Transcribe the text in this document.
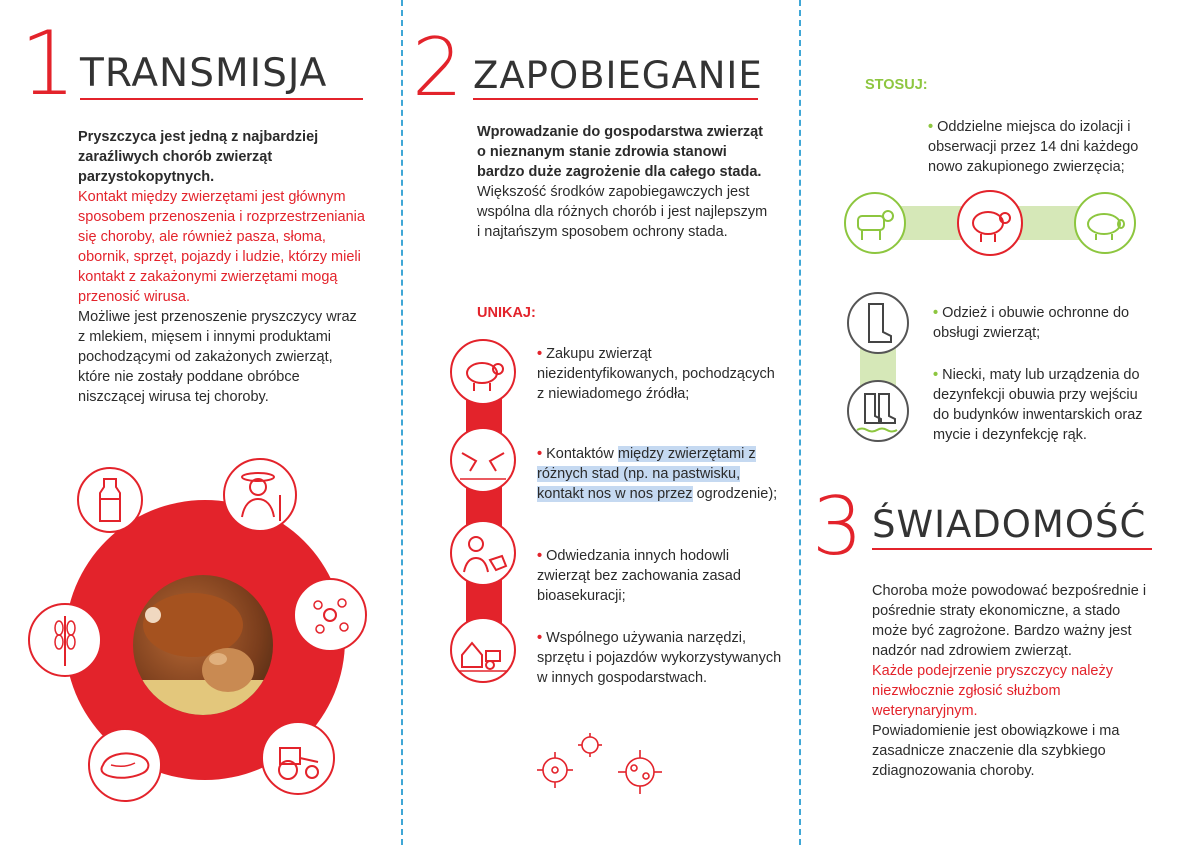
1 TRANSMISJA

Pryszczyca jest jedną z najbardziej zaraźliwych chorób zwierząt parzystokopytnych.

Kontakt między zwierzętami jest głównym sposobem przenoszenia i rozprzestrzeniania się choroby, ale również pasza, słoma, obornik, sprzęt, pojazdy i ludzie, którzy mieli kontakt z zakażonymi zwierzętami mogą przenosić wirusa.

Możliwe jest przenoszenie pryszczycy wraz z mlekiem, mięsem i innymi produktami pochodzącymi od zakażonych zwierząt, które nie zostały poddane obróbce niszczącej wirusa tej choroby.

2 ZAPOBIEGANIE
Wprowadzanie do gospodarstwa zwierząt o nieznanym stanie zdrowia stanowi bardzo duże zagrożenie dla całego stada. Większość środków zapobiegawczych jest wspólna dla różnych chorób i jest najlepszym i najtańszym sposobem ochrony stada.
UNIKAJ:
• Zakupu zwierząt niezidentyfikowanych, pochodzących z niewiadomego źródła;
• Kontaktów między zwierzętami z różnych stad (np. na pastwisku, kontakt nos w nos przez ogrodzenie);
• Odwiedzania innych hodowli zwierząt bez zachowania zasad bioasekuracji;
• Wspólnego używania narzędzi, sprzętu i pojazdów wykorzystywanych w innych gospodarstwach.
STOSUJ:
• Oddzielne miejsca do izolacji i obserwacji przez 14 dni każdego nowo zakupionego zwierzęcia;
• Odzież i obuwie ochronne do obsługi zwierząt;
• Niecki, maty lub urządzenia do dezynfekcji obuwia przy wejściu do budynków inwentarskich oraz mycie i dezynfekcję rąk.
3 ŚWIADOMOŚĆ

Choroba może powodować bezpośrednie i pośrednie straty ekonomiczne, a stado może być zagrożone. Bardzo ważny jest nadzór nad zdrowiem zwierząt.

Każde podejrzenie pryszczycy należy niezwłocznie zgłosić służbom weterynaryjnym.

Powiadomienie jest obowiązkowe i ma zasadnicze znaczenie dla szybkiego zdiagnozowania choroby.
